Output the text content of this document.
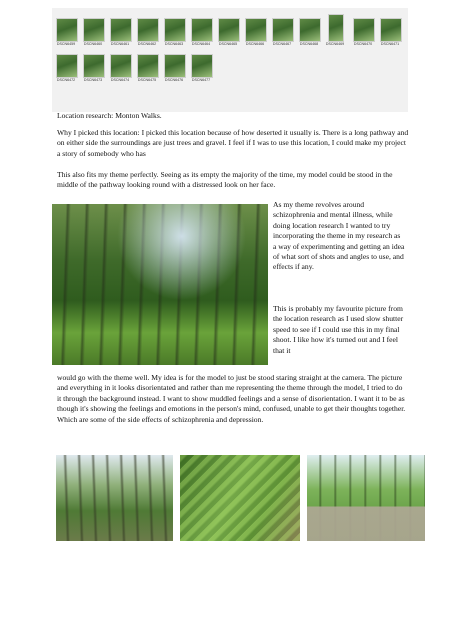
DSCN6459	DSCN6460	DSCN6461	DSCN6462	DSCN6463	DSCN6464	DSCN6465	DSCN6466	DSCN6467	DSCN6468	DSCN6469	DSCN6470	DSCN6471
DSCN6472	DSCN6473	DSCN6474	DSCN6475	DSCN6476	DSCN6477

Location research: Monton Walks.

Why I picked this location: I picked this location because of how deserted it usually is. There is a long pathway and on either side the surroundings are just trees and gravel. I feel if I was to use this location, I could make my project a story of somebody who has

This also fits my theme perfectly. Seeing as its empty the majority of the time, my model could be stood in the middle of the pathway looking round with a distressed look on her face.

As my theme revolves around schizophrenia and mental illness, while doing location research I wanted to try incorporating the theme in my research as a way of experimenting and getting an idea of what sort of shots and angles to use, and effects if any.

This is probably my favourite picture from the location research as I used slow shutter speed to see if I could use this in my final shoot. I like how it's turned out and I feel that it

would go with the theme well. My idea is for the model to just be stood staring straight at the camera. The picture and everything in it looks disorientated and rather than me representing the theme through the model, I tried to do it through the background instead. I want to show muddled feelings and a sense of disorientation. I want it to be as though it's showing the feelings and emotions in the person's mind, confused, unable to get their thoughts together. Which are some of the side effects of schizophrenia and depression.
